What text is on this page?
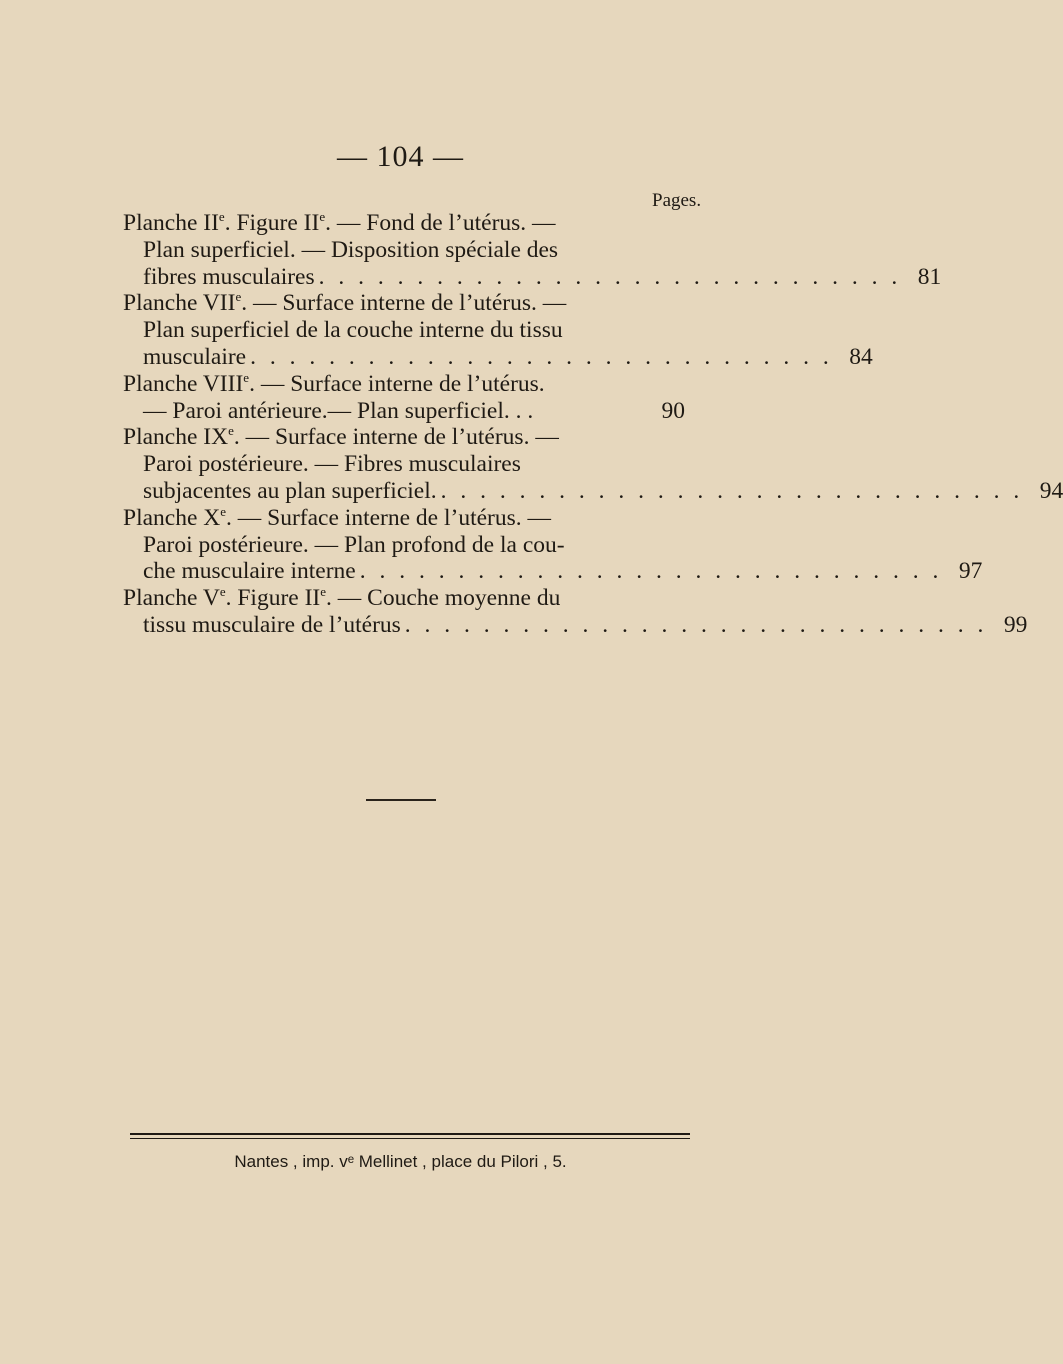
— 104 —
Pages.
Planche IIe. Figure IIe. — Fond de l’utérus. —
Plan superficiel. — Disposition spéciale des
fibres musculaires . . . . . . . . . . . . . . . . . . . . . . . . . . . . . . 81
Planche VIIe. — Surface interne de l’utérus. —
Plan superficiel de la couche interne du tissu
musculaire . . . . . . . . . . . . . . . . . . . . . . . . . . . . . . 84
Planche VIIIe. — Surface interne de l’utérus.
— Paroi antérieure.— Plan superficiel. . .	90
Planche IXe. — Surface interne de l’utérus. —
Paroi postérieure. — Fibres musculaires
subjacentes au plan superficiel. . . . . . . . . . . . . . . . . . . . . . . . . . . . . . . 94
Planche Xe. — Surface interne de l’utérus. —
Paroi postérieure. — Plan profond de la cou-
che musculaire interne . . . . . . . . . . . . . . . . . . . . . . . . . . . . . . 97
Planche Ve. Figure IIe. — Couche moyenne du
tissu musculaire de l’utérus . . . . . . . . . . . . . . . . . . . . . . . . . . . . . . 99
Nantes , imp. vᵉ Mellinet , place du Pilori , 5.
